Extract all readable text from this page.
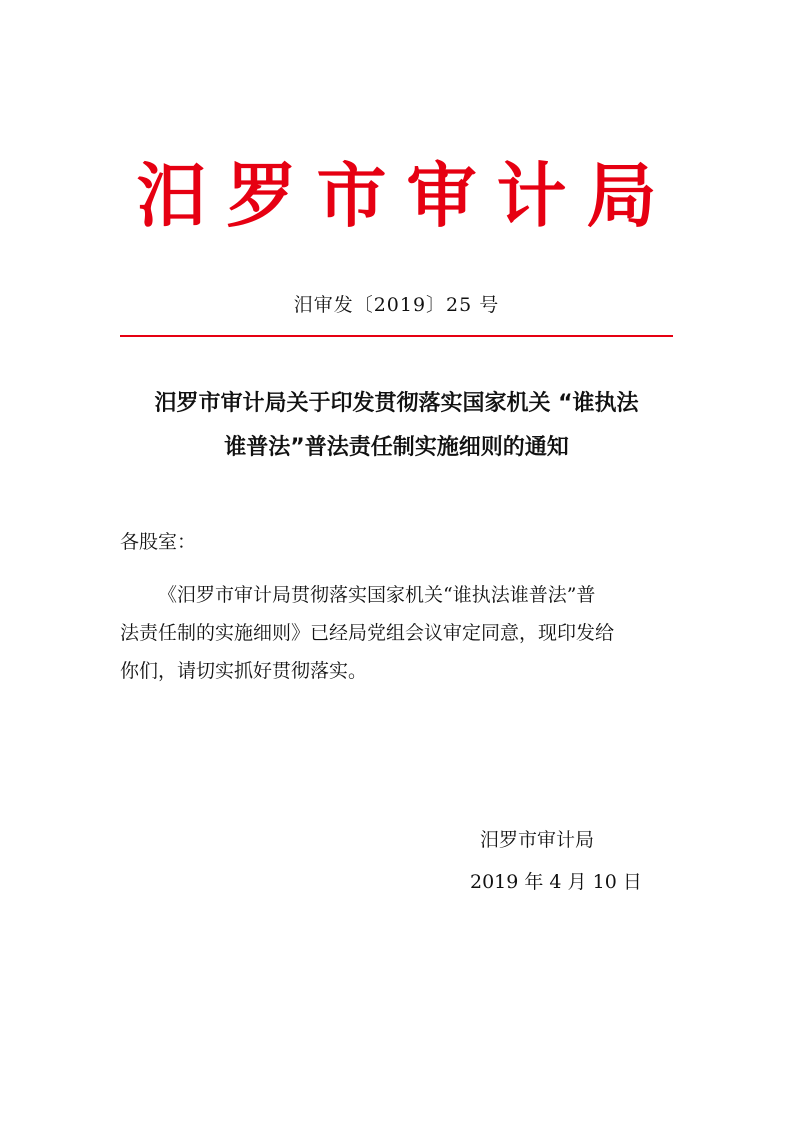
汨罗市审计局
汨审发〔2019〕25 号
汨罗市审计局关于印发贯彻落实国家机关 “谁执法
谁普法”普法责任制实施细则的通知
各股室：
《汨罗市审计局贯彻落实国家机关“谁执法谁普法”普
法责任制的实施细则》已经局党组会议审定同意，现印发给
你们，请切实抓好贯彻落实。
汨罗市审计局
2019 年 4 月 10 日
